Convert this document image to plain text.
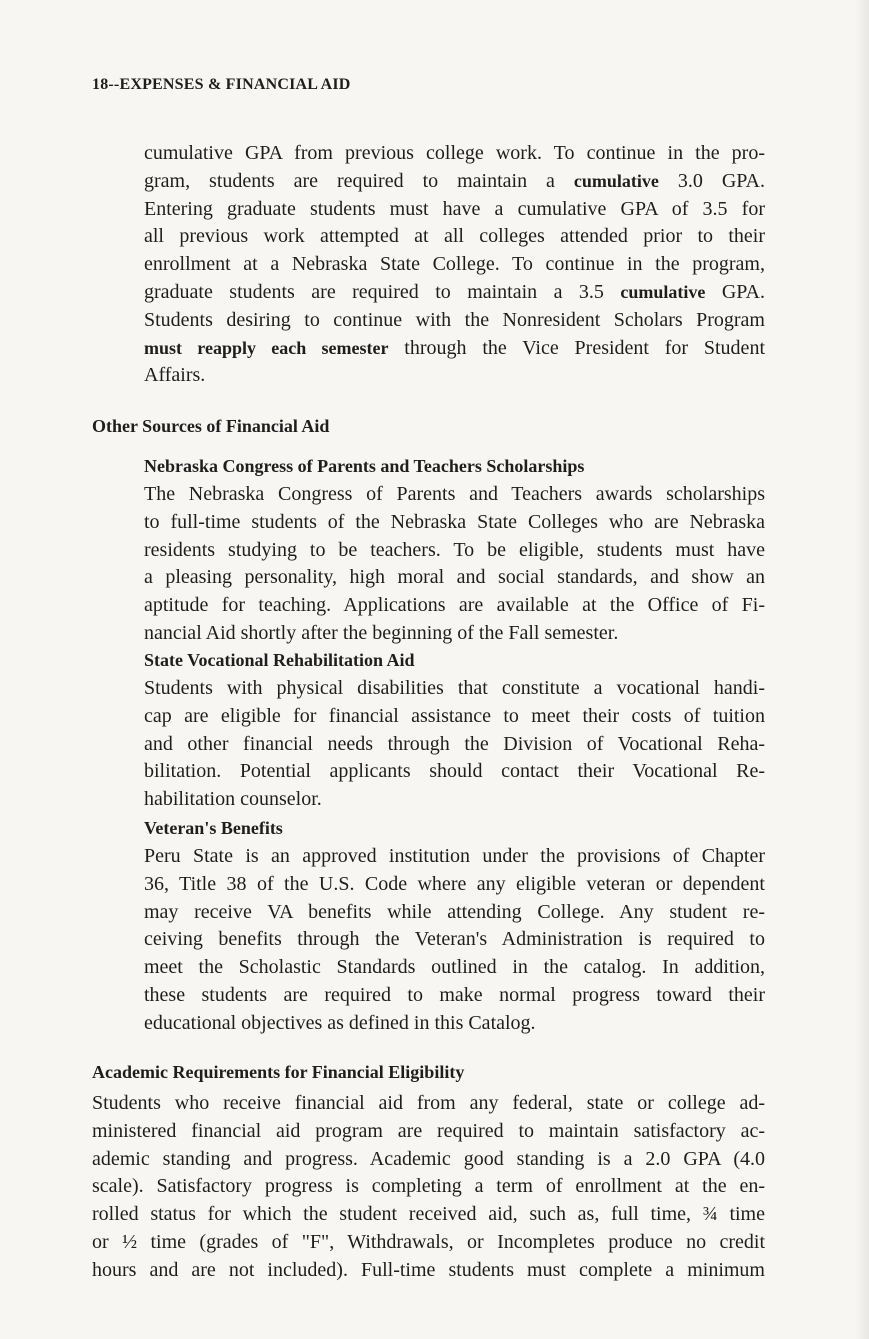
18--EXPENSES & FINANCIAL AID

cumulative GPA from previous college work. To continue in the pro-
gram, students are required to maintain a cumulative 3.0 GPA.
Entering graduate students must have a cumulative GPA of 3.5 for
all previous work attempted at all colleges attended prior to their
enrollment at a Nebraska State College. To continue in the program,
graduate students are required to maintain a 3.5 cumulative GPA.
Students desiring to continue with the Nonresident Scholars Program
must reapply each semester through the Vice President for Student
Affairs.

Other Sources of Financial Aid
Nebraska Congress of Parents and Teachers Scholarships

The Nebraska Congress of Parents and Teachers awards scholarships
to full-time students of the Nebraska State Colleges who are Nebraska
residents studying to be teachers. To be eligible, students must have
a pleasing personality, high moral and social standards, and show an
aptitude for teaching. Applications are available at the Office of Fi-
nancial Aid shortly after the beginning of the Fall semester.

State Vocational Rehabilitation Aid

Students with physical disabilities that constitute a vocational handi-
cap are eligible for financial assistance to meet their costs of tuition
and other financial needs through the Division of Vocational Reha-
bilitation. Potential applicants should contact their Vocational Re-
habilitation counselor.

Veteran's Benefits

Peru State is an approved institution under the provisions of Chapter
36, Title 38 of the U.S. Code where any eligible veteran or dependent
may receive VA benefits while attending College. Any student re-
ceiving benefits through the Veteran's Administration is required to
meet the Scholastic Standards outlined in the catalog. In addition,
these students are required to make normal progress toward their
educational objectives as defined in this Catalog.

Academic Requirements for Financial Eligibility

Students who receive financial aid from any federal, state or college ad-
ministered financial aid program are required to maintain satisfactory ac-
ademic standing and progress. Academic good standing is a 2.0 GPA (4.0
scale). Satisfactory progress is completing a term of enrollment at the en-
rolled status for which the student received aid, such as, full time, ¾ time
or ½ time (grades of "F", Withdrawals, or Incompletes produce no credit
hours and are not included). Full-time students must complete a minimum
